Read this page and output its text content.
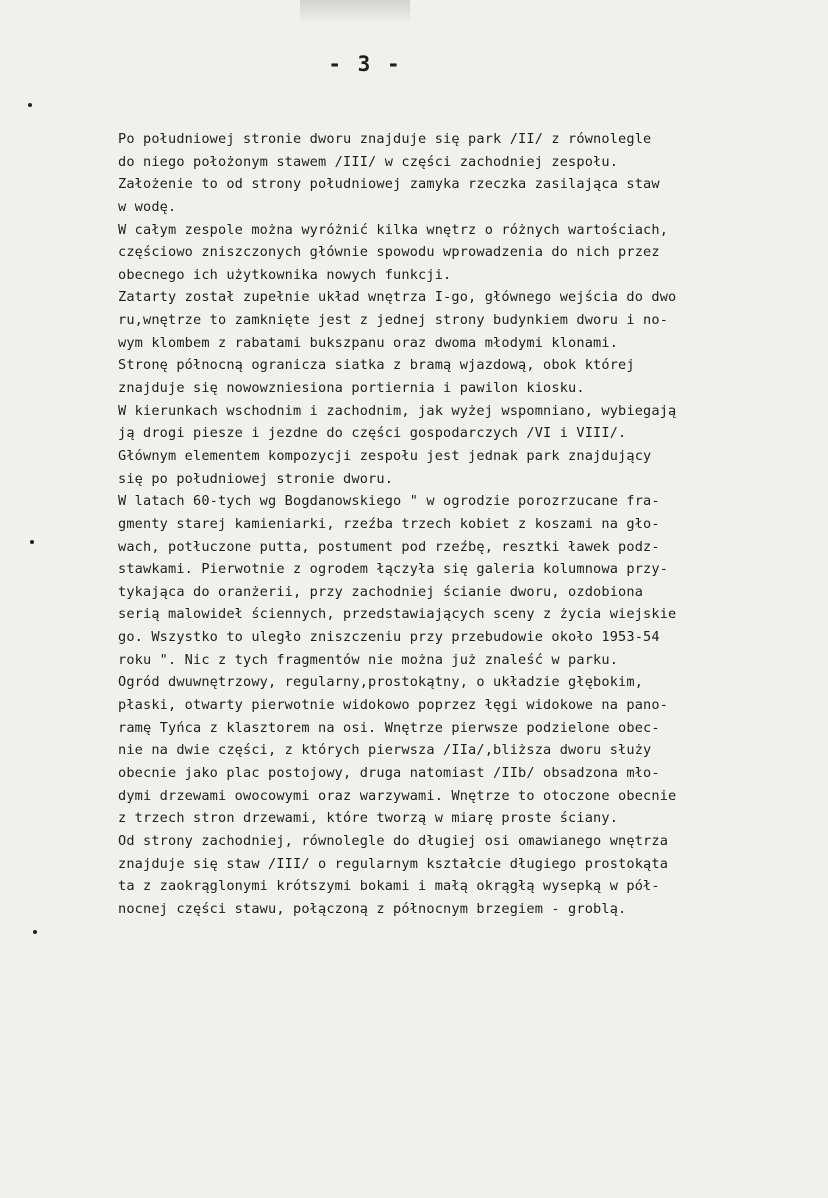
- 3 -
Po południowej stronie dworu znajduje się park /II/ z równolegle
do niego położonym stawem /III/ w części zachodniej zespołu.
Założenie to od strony południowej zamyka rzeczka zasilająca staw
w wodę.
W całym zespole można wyróżnić kilka wnętrz o różnych wartościach,
częściowo zniszczonych głównie spowodu wprowadzenia do nich przez
obecnego ich użytkownika nowych funkcji.
Zatarty został zupełnie układ wnętrza I-go, głównego wejścia do dwo
ru,wnętrze to zamknięte jest z jednej strony budynkiem dworu i no-
wym klombem z rabatami bukszpanu oraz dwoma młodymi klonami.
Stronę północną ogranicza siatka z bramą wjazdową, obok której
znajduje się nowowzniesiona portiernia i pawilon kiosku.
W kierunkach wschodnim i zachodnim, jak wyżej wspomniano, wybiegają
ją drogi piesze i jezdne do części gospodarczych /VI i VIII/.
Głównym elementem kompozycji zespołu jest jednak park znajdujący
się po południowej stronie dworu.
W latach 60-tych wg Bogdanowskiego " w ogrodzie porozrzucane fra-
gmenty starej kamieniarki, rzeźba trzech kobiet z koszami na gło-
wach, potłuczone putta, postument pod rzeźbę, resztki ławek podz-
stawkami. Pierwotnie z ogrodem łączyła się galeria kolumnowa przy-
tykająca do oranżerii, przy zachodniej ścianie dworu, ozdobiona
serią malowideł ściennych, przedstawiających sceny z życia wiejskie
go. Wszystko to uległo zniszczeniu przy przebudowie około 1953-54
roku ". Nic z tych fragmentów nie można już znaleść w parku.
Ogród dwuwnętrzowy, regularny,prostokątny, o układzie głębokim,
płaski, otwarty pierwotnie widokowo poprzez łęgi widokowe na pano-
ramę Tyńca z klasztorem na osi. Wnętrze pierwsze podzielone obec-
nie na dwie części, z których pierwsza /IIa/,bliższa dworu służy
obecnie jako plac postojowy, druga natomiast /IIb/ obsadzona mło-
dymi drzewami owocowymi oraz warzywami. Wnętrze to otoczone obecnie
z trzech stron drzewami, które tworzą w miarę proste ściany.
Od strony zachodniej, równolegle do długiej osi omawianego wnętrza
znajduje się staw /III/ o regularnym kształcie długiego prostokąta
ta z zaokrąglonymi krótszymi bokami i małą okrągłą wysepką w pół-
nocnej części stawu, połączoną z północnym brzegiem - groblą.
